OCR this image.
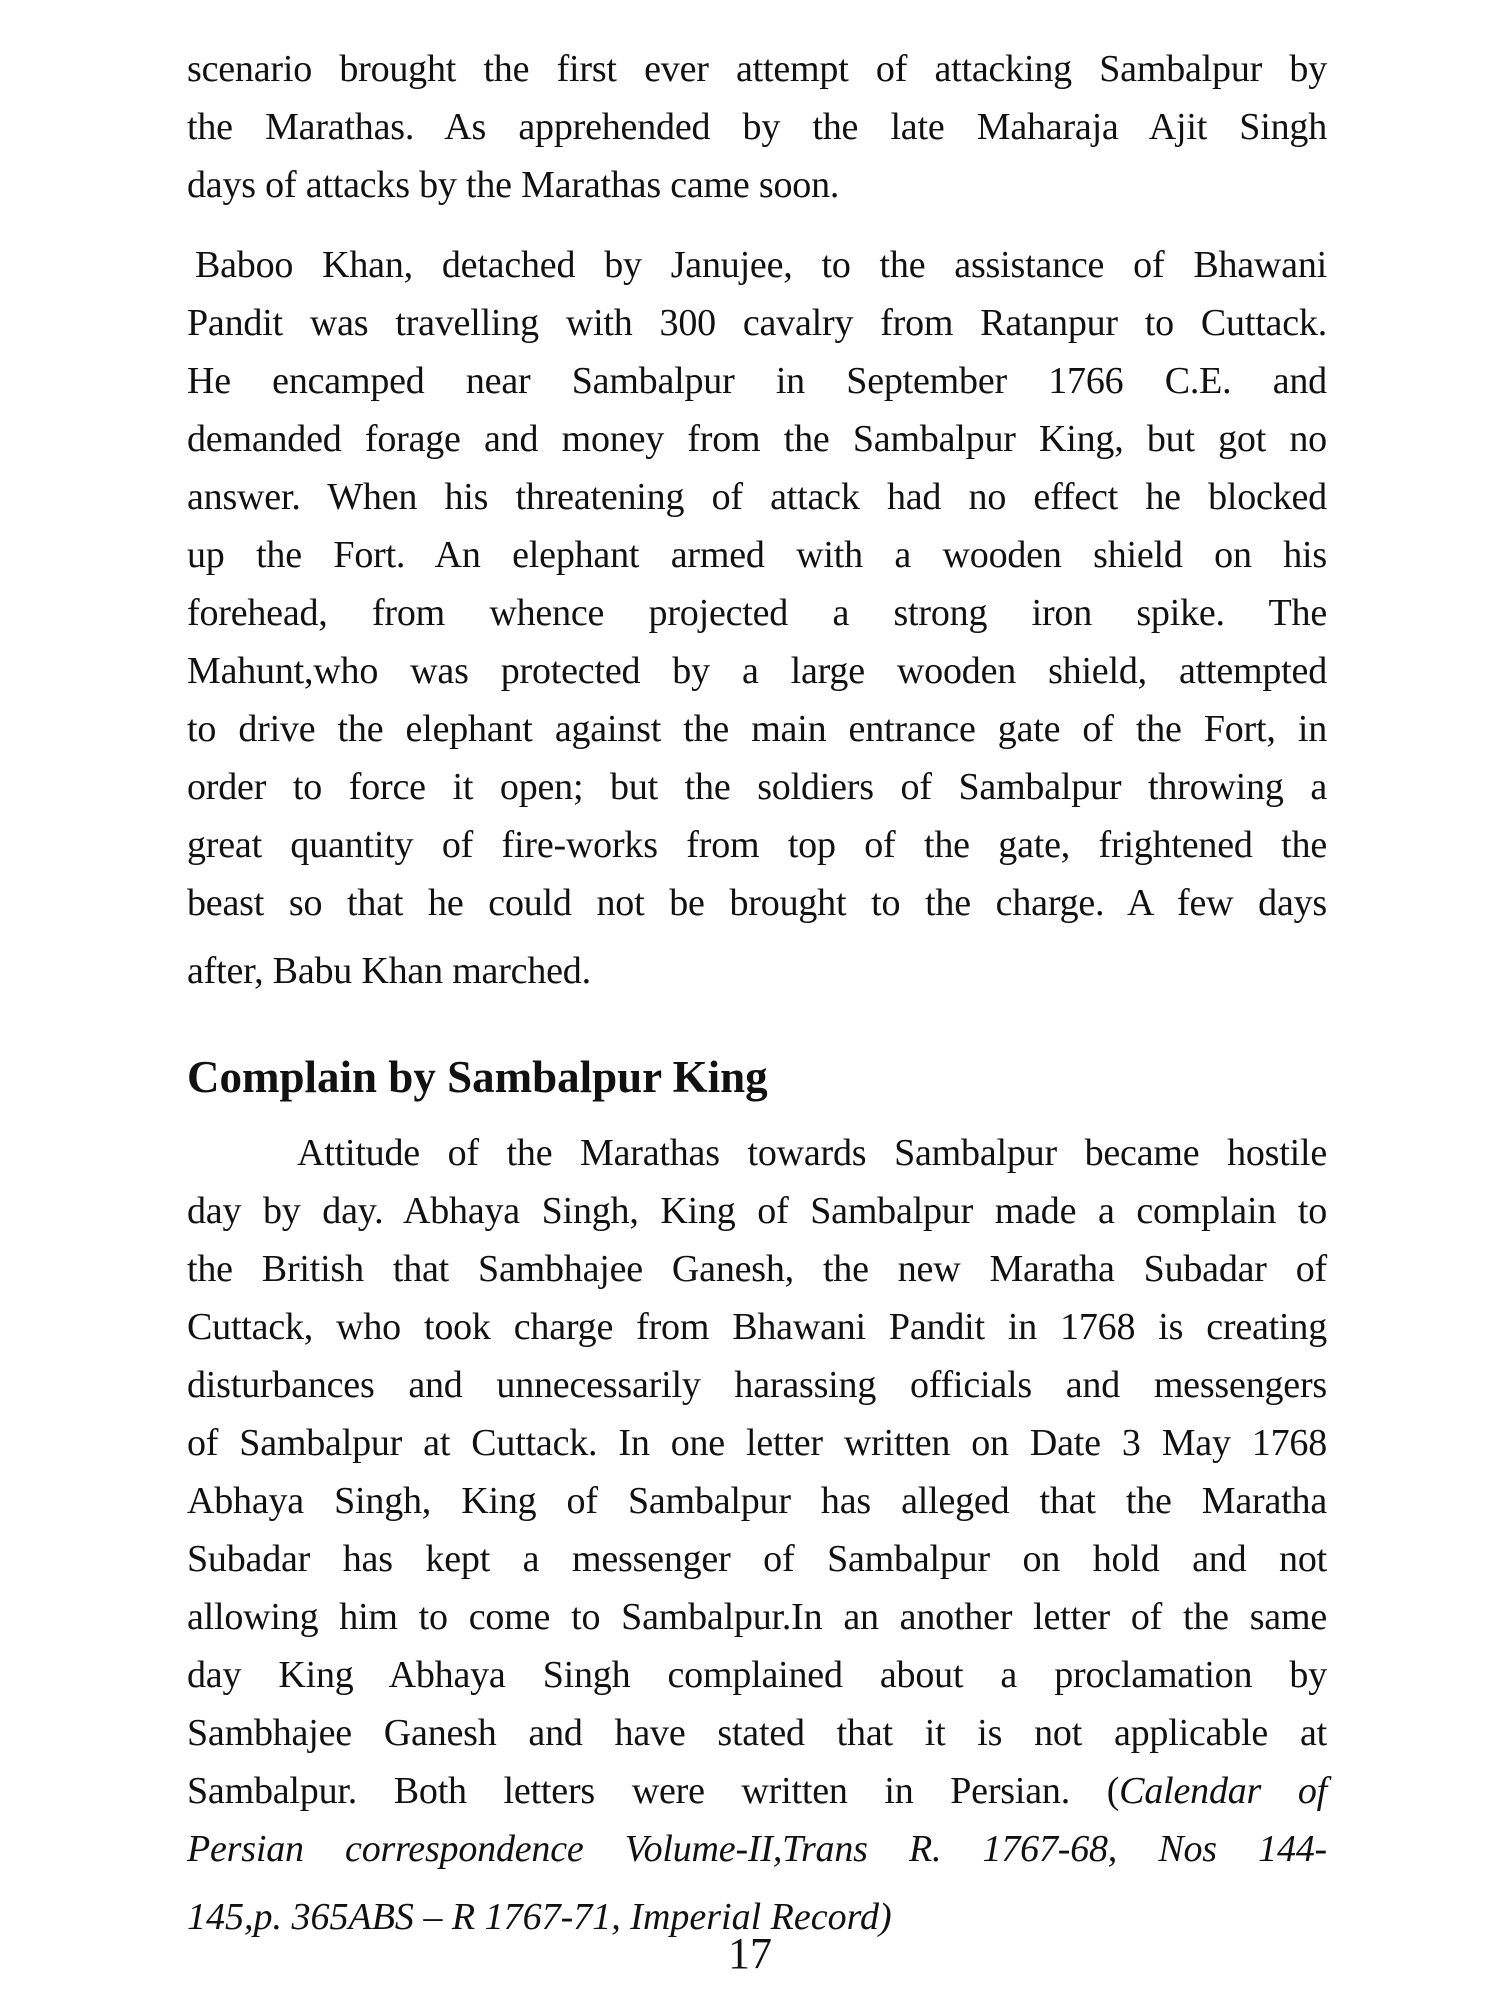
scenario brought the first ever attempt of attacking Sambalpur by
the Marathas. As apprehended by the late Maharaja Ajit Singh
days of attacks by the Marathas came soon.
Baboo Khan, detached by Janujee, to the assistance of Bhawani
Pandit was travelling with 300 cavalry from Ratanpur to Cuttack.
He encamped near Sambalpur in September 1766 C.E. and
demanded forage and money from the Sambalpur King, but got no
answer. When his threatening of attack had no effect he blocked
up the Fort. An elephant armed with a wooden shield on his
forehead, from whence projected a strong iron spike. The
Mahunt,who was protected by a large wooden shield, attempted
to drive the elephant against the main entrance gate of the Fort, in
order to force it open; but the soldiers of Sambalpur throwing a
great quantity of fire-works from top of the gate, frightened the
beast so that he could not be brought to the charge. A few days
after, Babu Khan marched.
Complain by Sambalpur King
Attitude of the Marathas towards Sambalpur became hostile
day by day. Abhaya Singh, King of Sambalpur made a complain to
the British that Sambhajee Ganesh, the new Maratha Subadar of
Cuttack, who took charge from Bhawani Pandit in 1768 is creating
disturbances and unnecessarily harassing officials and messengers
of Sambalpur at Cuttack. In one letter written on Date 3 May 1768
Abhaya Singh, King of Sambalpur has alleged that the Maratha
Subadar has kept a messenger of Sambalpur on hold and not
allowing him to come to Sambalpur.In an another letter of the same
day King Abhaya Singh complained about a proclamation by
Sambhajee Ganesh and have stated that it is not applicable at
Sambalpur. Both letters were written in Persian. (Calendar of
Persian correspondence Volume-II,Trans R. 1767-68, Nos 144-
145,p. 365ABS – R 1767-71, Imperial Record)
17
